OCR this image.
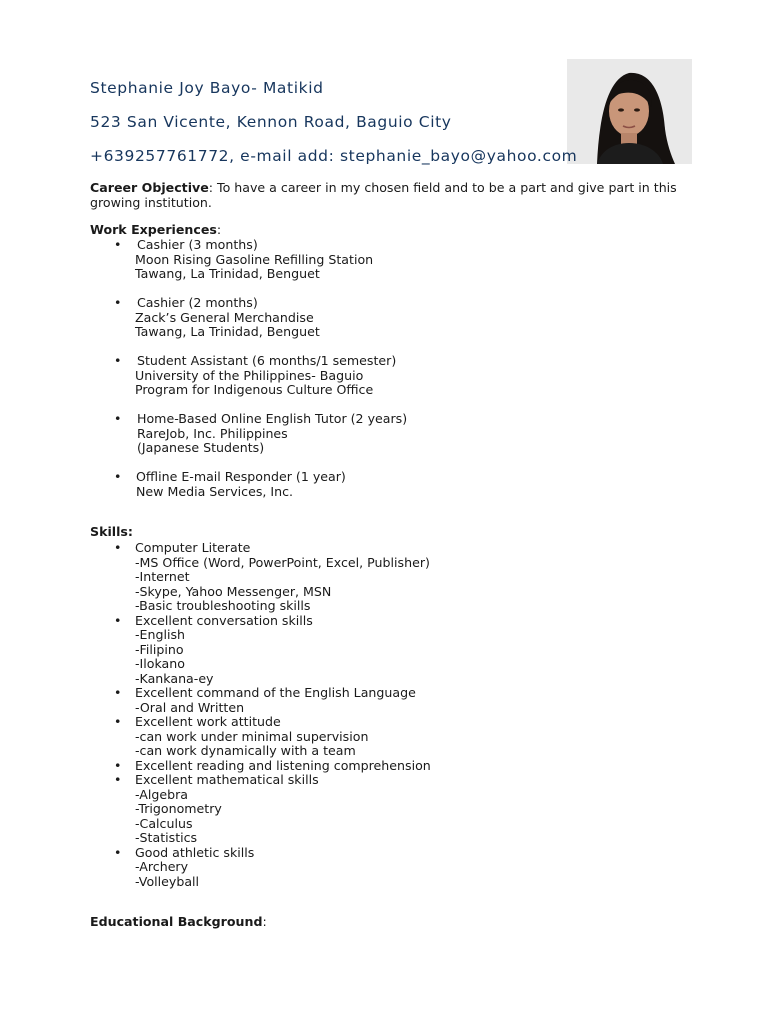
Stephanie Joy Bayo- Matikid
523 San Vicente, Kennon Road, Baguio City
+639257761772, e-mail add: stephanie_bayo@yahoo.com
Career Objective: To have a career in my chosen field and to be a part and give part in this growing institution.
Work Experiences:
• Cashier (3 months)
Moon Rising Gasoline Refilling Station
Tawang, La Trinidad, Benguet
• Cashier (2 months)
Zack’s General Merchandise
Tawang, La Trinidad, Benguet
• Student Assistant (6 months/1 semester)
University of the Philippines- Baguio
Program for Indigenous Culture Office
• Home-Based Online English Tutor (2 years)
RareJob, Inc. Philippines
(Japanese Students)
• Offline E-mail Responder (1 year)
New Media Services, Inc.
Skills:
• Computer Literate
-MS Office (Word, PowerPoint, Excel, Publisher)
-Internet
-Skype, Yahoo Messenger, MSN
-Basic troubleshooting skills
• Excellent conversation skills
-English
-Filipino
-Ilokano
-Kankana-ey
• Excellent command of the English Language
-Oral and Written
• Excellent work attitude
-can work under minimal supervision
-can work dynamically with a team
• Excellent reading and listening comprehension
• Excellent mathematical skills
-Algebra
-Trigonometry
-Calculus
-Statistics
• Good athletic skills
-Archery
-Volleyball
Educational Background:
